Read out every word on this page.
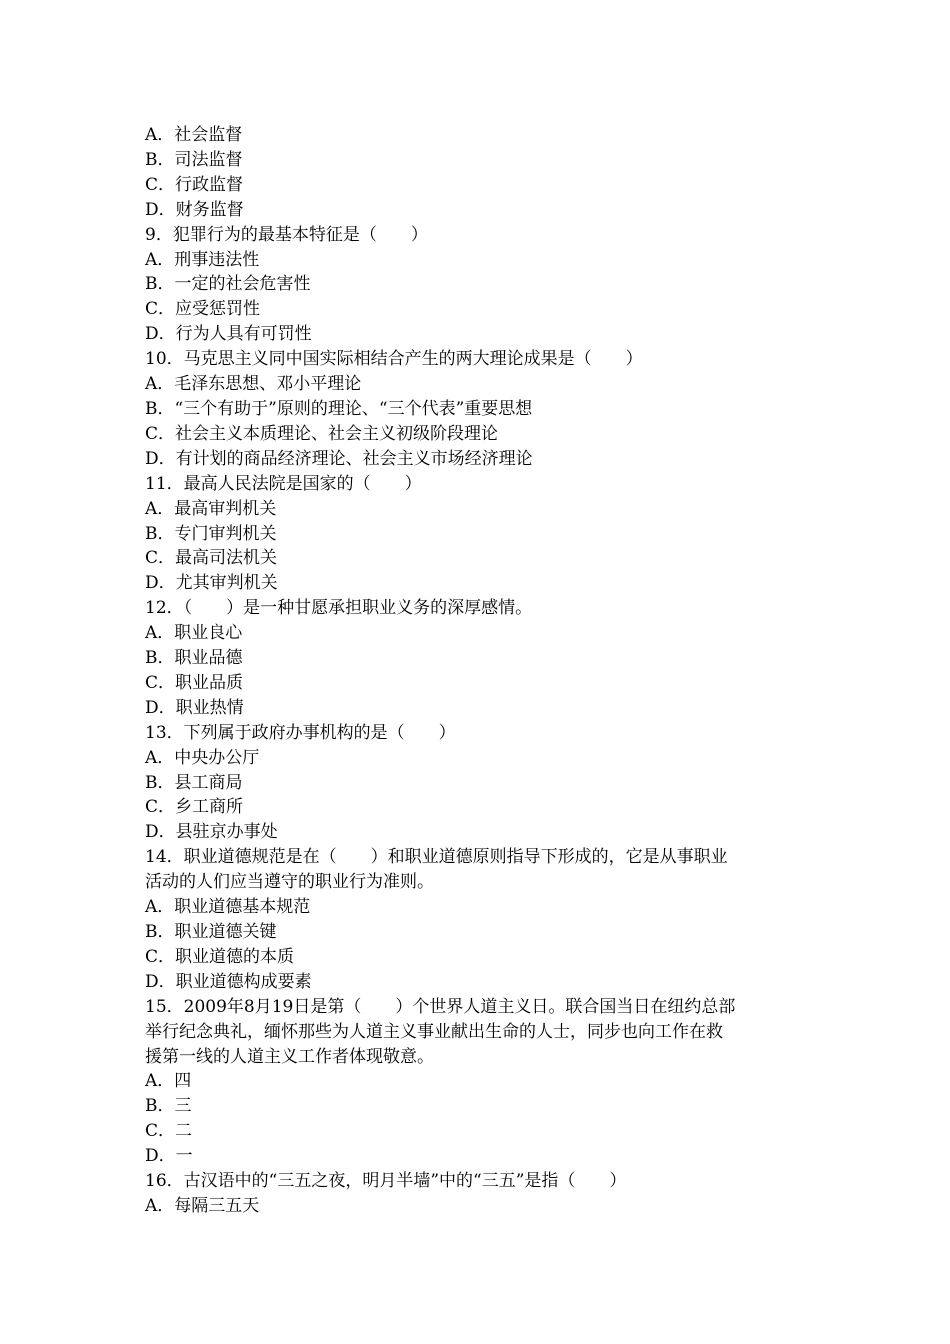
A．社会监督

B．司法监督

C．行政监督

D．财务监督

9．犯罪行为的最基本特征是（　　）

A．刑事违法性

B．一定的社会危害性

C．应受惩罚性

D．行为人具有可罚性

10．马克思主义同中国实际相结合产生的两大理论成果是（　　）

A．毛泽东思想、邓小平理论

B．“三个有助于”原则的理论、“三个代表”重要思想

C．社会主义本质理论、社会主义初级阶段理论

D．有计划的商品经济理论、社会主义市场经济理论

11．最高人民法院是国家的（　　）

A．最高审判机关

B．专门审判机关

C．最高司法机关

D．尤其审判机关

12．（　　）是一种甘愿承担职业义务的深厚感情。

A．职业良心

B．职业品德

C．职业品质

D．职业热情

13．下列属于政府办事机构的是（　　）

A．中央办公厅

B．县工商局

C．乡工商所

D．县驻京办事处

14．职业道德规范是在（　　）和职业道德原则指导下形成的，它是从事职业

活动的人们应当遵守的职业行为准则。

A．职业道德基本规范

B．职业道德关键

C．职业道德的本质

D．职业道德构成要素

15．2009年8月19日是第（　　）个世界人道主义日。联合国当日在纽约总部

举行纪念典礼，缅怀那些为人道主义事业献出生命的人士，同步也向工作在救

援第一线的人道主义工作者体现敬意。

A．四

B．三

C．二

D．一

16．古汉语中的“三五之夜，明月半墙”中的“三五”是指（　　）

A．每隔三五天
